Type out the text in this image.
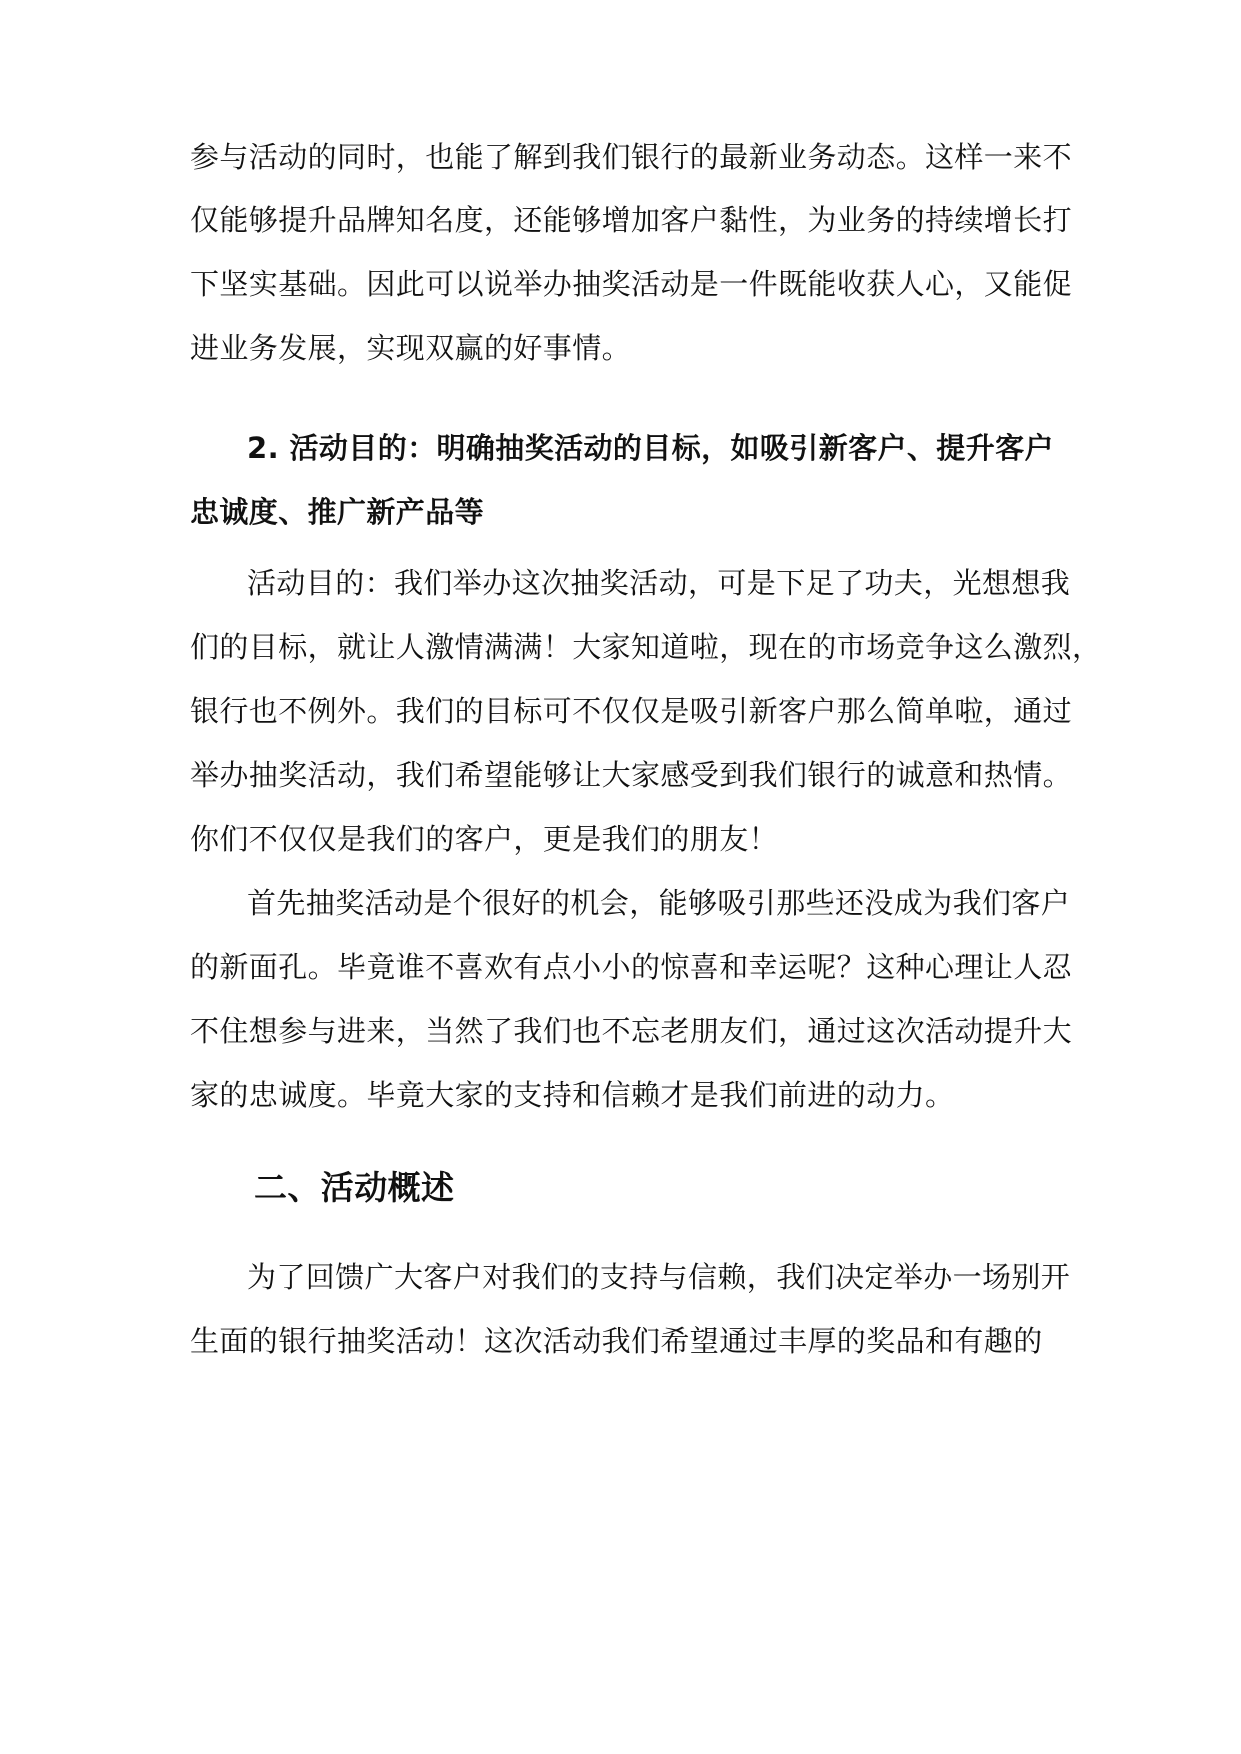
参与活动的同时，也能了解到我们银行的最新业务动态。这样一来不
仅能够提升品牌知名度，还能够增加客户黏性，为业务的持续增长打
下坚实基础。因此可以说举办抽奖活动是一件既能收获人心，又能促
进业务发展，实现双赢的好事情。
2. 活动目的：明确抽奖活动的目标，如吸引新客户、提升客户
忠诚度、推广新产品等
活动目的：我们举办这次抽奖活动，可是下足了功夫，光想想我
们的目标，就让人激情满满！大家知道啦，现在的市场竞争这么激烈，
银行也不例外。我们的目标可不仅仅是吸引新客户那么简单啦，通过
举办抽奖活动，我们希望能够让大家感受到我们银行的诚意和热情。
你们不仅仅是我们的客户，更是我们的朋友！
首先抽奖活动是个很好的机会，能够吸引那些还没成为我们客户
的新面孔。毕竟谁不喜欢有点小小的惊喜和幸运呢？这种心理让人忍
不住想参与进来，当然了我们也不忘老朋友们，通过这次活动提升大
家的忠诚度。毕竟大家的支持和信赖才是我们前进的动力。
二、活动概述
为了回馈广大客户对我们的支持与信赖，我们决定举办一场别开
生面的银行抽奖活动！这次活动我们希望通过丰厚的奖品和有趣的
